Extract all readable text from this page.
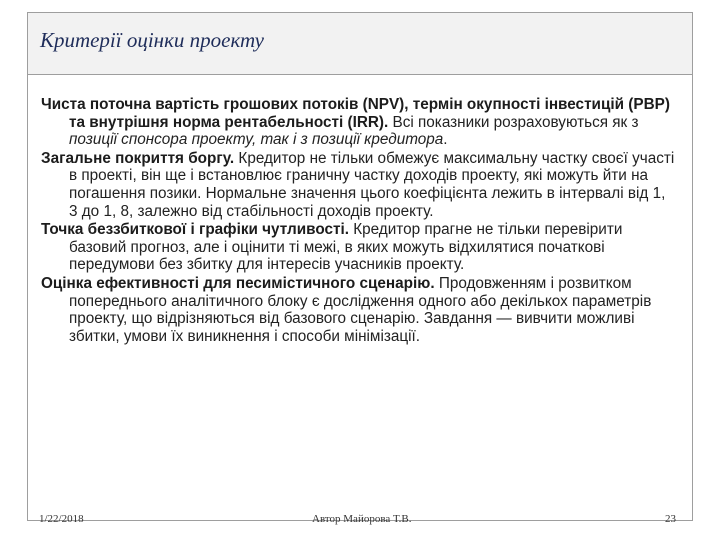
Критерії оцінки проекту

Чиста поточна вартість грошових потоків (NPV), термін окупності інвестицій (РВР) та внутрішня норма рентабельності (IRR). Всі показники розраховуються як з позиції спонсора проекту, так і з позиції кредитора.

Загальне покриття боргу. Кредитор не тільки обмежує максимальну частку своєї участі в проекті, він ще і встановлює граничну частку доходів проекту, які можуть йти на погашення позики. Нормальне значення цього коефіцієнта лежить в інтервалі від 1, 3 до 1, 8, залежно від стабільності доходів проекту.

Точка беззбиткової і графіки чутливості. Кредитор прагне не тільки перевірити базовий прогноз, але і оцінити ті межі, в яких можуть відхилятися початкові передумови без збитку для інтересів учасників проекту.

Оцінка ефективності для песимістичного сценарію. Продовженням і розвитком попереднього аналітичного блоку є дослідження одного або декількох параметрів проекту, що відрізняються від базового сценарію. Завдання — вивчити можливі збитки, умови їх виникнення і способи мінімізації.

1/22/2018	Автор Майорова Т.В.	23
